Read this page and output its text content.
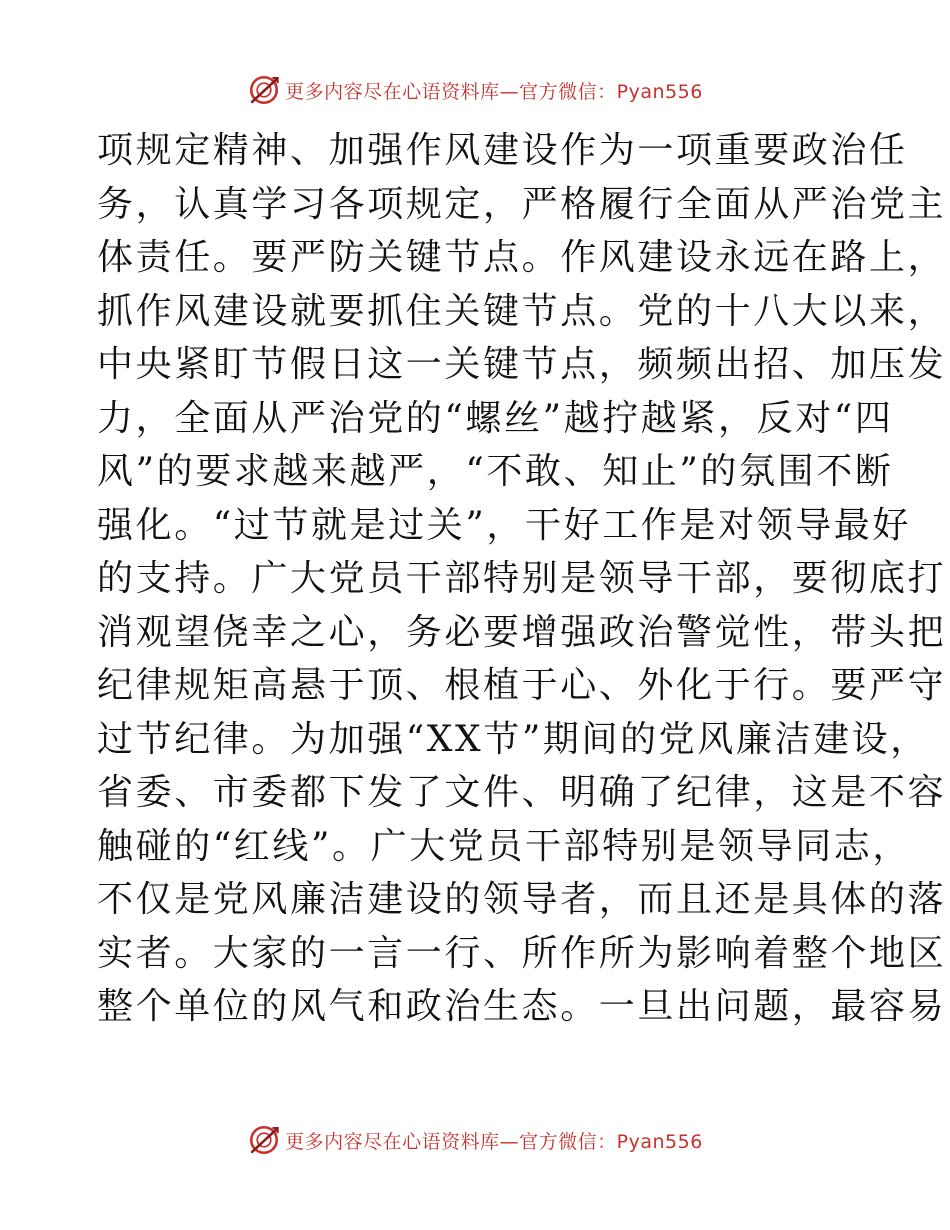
更多内容尽在心语资料库 —官方微信：Pyan556
项规定精神、加强作风建设作为一项重要政治任
务，认真学习各项规定，严格履行全面从严治党主
体责任。要严防关键节点。作风建设永远在路上，
抓作风建设就要抓住关键节点。党的十八大以来，
中央紧盯节假日这一关键节点，频频出招、加压发
力，全面从严治党的“螺丝”越拧越紧，反对“四
风”的要求越来越严，“不敢、知止”的氛围不断
强化。“过节就是过关”，干好工作是对领导最好
的支持。广大党员干部特别是领导干部，要彻底打
消观望侥幸之心，务必要增强政治警觉性，带头把
纪律规矩高悬于顶、根植于心、外化于行。要严守
过节纪律。为加强“XX节”期间的党风廉洁建设，
省委、市委都下发了文件、明确了纪律，这是不容
触碰的“红线”。广大党员干部特别是领导同志，
不仅是党风廉洁建设的领导者，而且还是具体的落
实者。大家的一言一行、所作所为影响着整个地区
整个单位的风气和政治生态。一旦出问题，最容易
更多内容尽在心语资料库 —官方微信：Pyan556
